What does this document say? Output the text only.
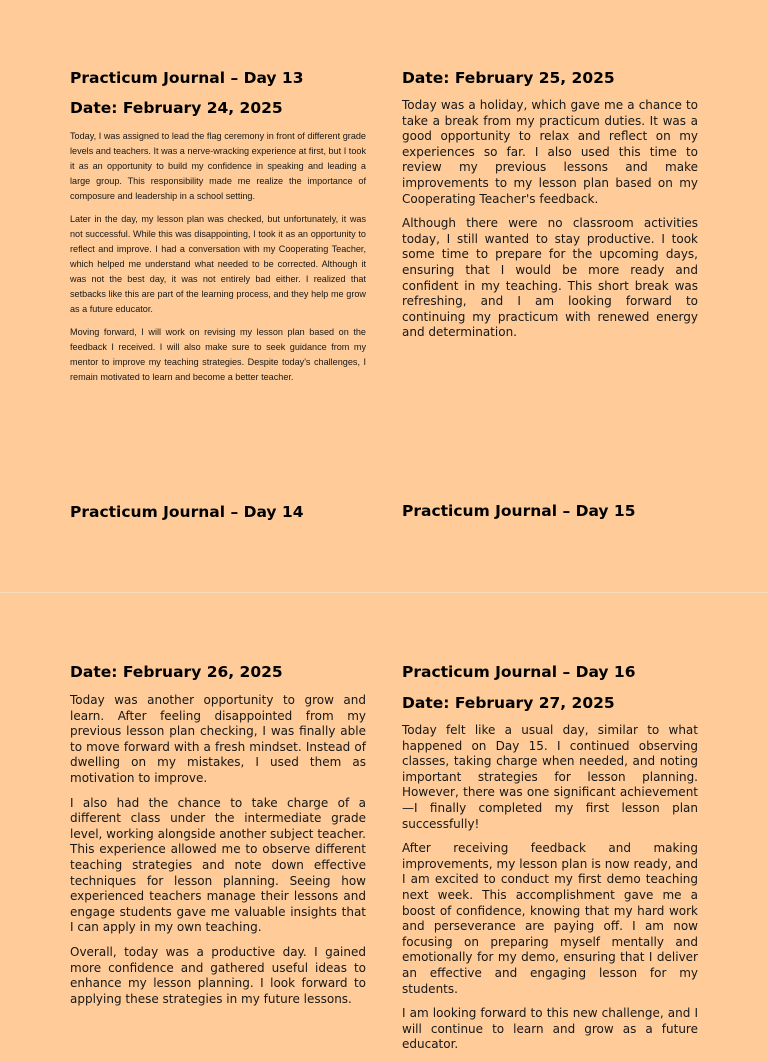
Practicum Journal – Day 13
Date: February 24, 2025

Today, I was assigned to lead the flag ceremony in front of different grade levels and teachers. It was a nerve-wracking experience at first, but I took it as an opportunity to build my confidence in speaking and leading a large group. This responsibility made me realize the importance of composure and leadership in a school setting.

Later in the day, my lesson plan was checked, but unfortunately, it was not successful. While this was disappointing, I took it as an opportunity to reflect and improve. I had a conversation with my Cooperating Teacher, which helped me understand what needed to be corrected. Although it was not the best day, it was not entirely bad either. I realized that setbacks like this are part of the learning process, and they help me grow as a future educator.

Moving forward, I will work on revising my lesson plan based on the feedback I received. I will also make sure to seek guidance from my mentor to improve my teaching strategies. Despite today's challenges, I remain motivated to learn and become a better teacher.

Date: February 25, 2025

Today was a holiday, which gave me a chance to take a break from my practicum duties. It was a good opportunity to relax and reflect on my experiences so far. I also used this time to review my previous lessons and make improvements to my lesson plan based on my Cooperating Teacher's feedback.

Although there were no classroom activities today, I still wanted to stay productive. I took some time to prepare for the upcoming days, ensuring that I would be more ready and confident in my teaching. This short break was refreshing, and I am looking forward to continuing my practicum with renewed energy and determination.

Practicum Journal – Day 14	Practicum Journal – Day 15
Date: February 26, 2025

Today was another opportunity to grow and learn. After feeling disappointed from my previous lesson plan checking, I was finally able to move forward with a fresh mindset. Instead of dwelling on my mistakes, I used them as motivation to improve.

I also had the chance to take charge of a different class under the intermediate grade level, working alongside another subject teacher. This experience allowed me to observe different teaching strategies and note down effective techniques for lesson planning. Seeing how experienced teachers manage their lessons and engage students gave me valuable insights that I can apply in my own teaching.

Overall, today was a productive day. I gained more confidence and gathered useful ideas to enhance my lesson planning. I look forward to applying these strategies in my future lessons.

Practicum Journal – Day 16
Date: February 27, 2025

Today felt like a usual day, similar to what happened on Day 15. I continued observing classes, taking charge when needed, and noting important strategies for lesson planning. However, there was one significant achievement—I finally completed my first lesson plan successfully!

After receiving feedback and making improvements, my lesson plan is now ready, and I am excited to conduct my first demo teaching next week. This accomplishment gave me a boost of confidence, knowing that my hard work and perseverance are paying off. I am now focusing on preparing myself mentally and emotionally for my demo, ensuring that I deliver an effective and engaging lesson for my students.

I am looking forward to this new challenge, and I will continue to learn and grow as a future educator.
